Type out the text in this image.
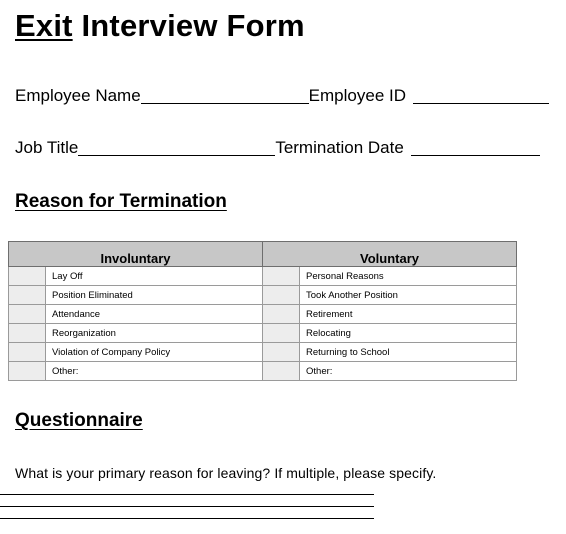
Exit Interview Form
Employee Name	Employee ID
Job Title	Termination Date
Reason for Termination
Involuntary		Voluntary	
	Lay Off		Personal Reasons
	Position Eliminated		Took Another Position
	Attendance		Retirement
	Reorganization		Relocating
	Violation of Company Policy		Returning to School
	Other:		Other:
Questionnaire
What is your primary reason for leaving? If multiple, please specify.
